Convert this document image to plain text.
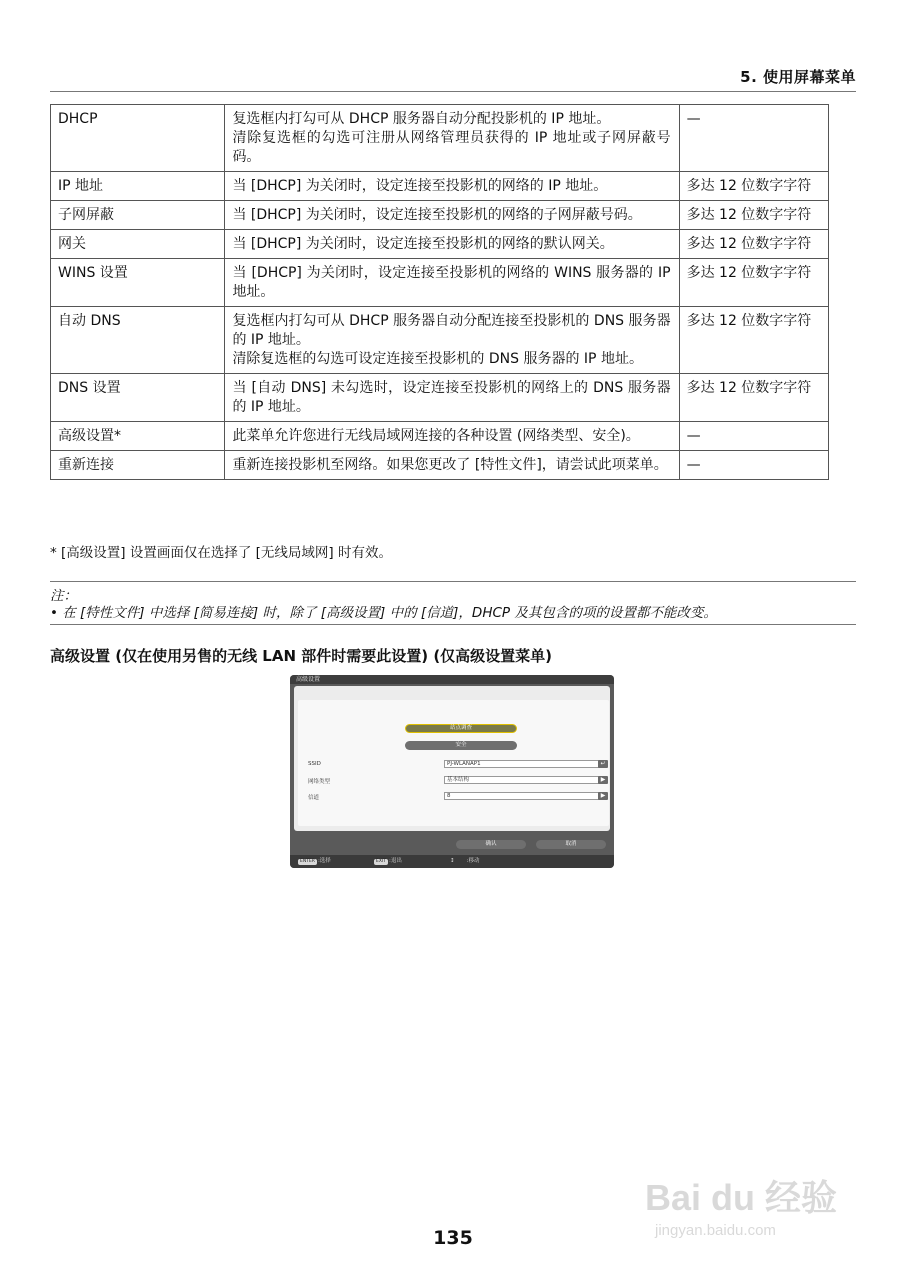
5. 使用屏幕菜单
DHCP	复选框内打勾可从 DHCP 服务器自动分配投影机的 IP 地址。
清除复选框的勾选可注册从网络管理员获得的 IP 地址或子网屏蔽号码。	—
IP 地址	当 [DHCP] 为关闭时，设定连接至投影机的网络的 IP 地址。	多达 12 位数字字符
子网屏蔽	当 [DHCP] 为关闭时，设定连接至投影机的网络的子网屏蔽号码。	多达 12 位数字字符
网关	当 [DHCP] 为关闭时，设定连接至投影机的网络的默认网关。	多达 12 位数字字符
WINS 设置	当 [DHCP] 为关闭时，设定连接至投影机的网络的 WINS 服务器的 IP 地址。	多达 12 位数字字符
自动 DNS	复选框内打勾可从 DHCP 服务器自动分配连接至投影机的 DNS 服务器的 IP 地址。
清除复选框的勾选可设定连接至投影机的 DNS 服务器的 IP 地址。	多达 12 位数字字符
DNS 设置	当 [自动 DNS] 未勾选时，设定连接至投影机的网络上的 DNS 服务器的 IP 地址。	多达 12 位数字字符
高级设置*	此菜单允许您进行无线局域网连接的各种设置 (网络类型、安全)。	—
重新连接	重新连接投影机至网络。如果您更改了 [特性文件]，请尝试此项菜单。	—
* [高级设置] 设置画面仅在选择了 [无线局域网] 时有效。
注：
• 在 [特性文件] 中选择 [简易连接] 时，除了 [高级设置] 中的 [信道]，DHCP 及其包含的项的设置都不能改变。
高级设置 (仅在使用另售的无线 LAN 部件时需要此设置) (仅高级设置菜单)
高级设置
站点调查
安全
SSID	PJ-WLANAP1	↵
网络类型	基本结构	▶
信道	8	▶
确认	取消
ENTER :选择	EXIT :退出	↕ :移动
Bai du 经验
jingyan.baidu.com
135
